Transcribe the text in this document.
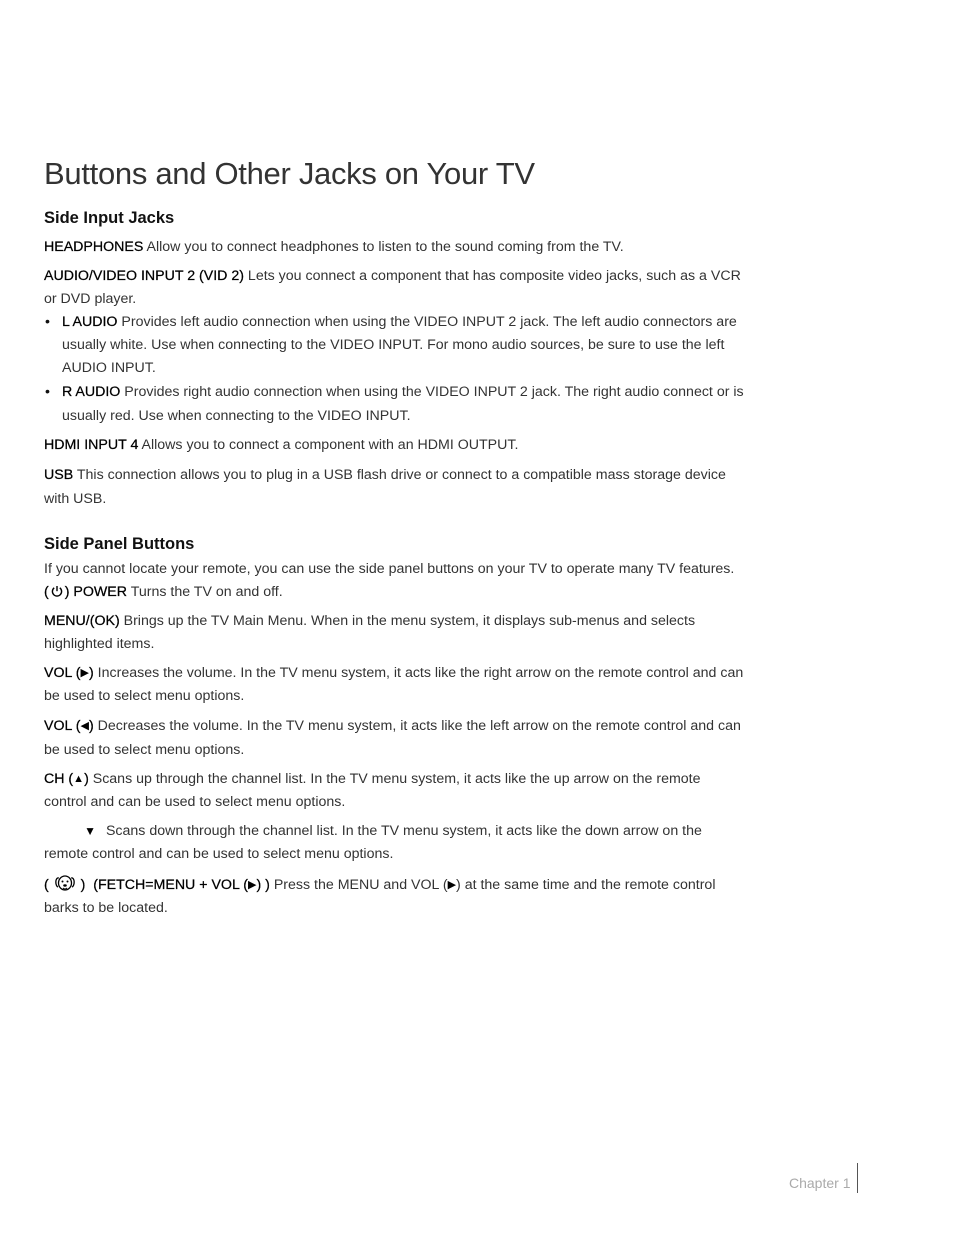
Buttons and Other Jacks on Your TV
Side Input Jacks

HEADPHONES Allow you to connect headphones to listen to the sound coming from the TV.

AUDIO/VIDEO INPUT 2 (VID 2) Lets you connect a component that has composite video jacks, such as a VCR or DVD player.

• L AUDIO Provides left audio connection when using the VIDEO INPUT 2 jack. The left audio connectors are usually white. Use when connecting to the VIDEO INPUT. For mono audio sources, be sure to use the left AUDIO INPUT.
• R AUDIO Provides right audio connection when using the VIDEO INPUT 2 jack. The right audio connect or is usually red. Use when connecting to the VIDEO INPUT.

HDMI INPUT 4 Allows you to connect a component with an HDMI OUTPUT.

USB This connection allows you to plug in a USB flash drive or connect to a compatible mass storage device with USB.

Side Panel Buttons

If you cannot locate your remote, you can use the side panel buttons on your TV to operate many TV features.

( ) POWER Turns the TV on and off.

MENU/(OK) Brings up the TV Main Menu. When in the menu system, it displays sub-menus and selects highlighted items.

VOL (▶) Increases the volume. In the TV menu system, it acts like the right arrow on the remote control and can be used to select menu options.

VOL (◀) Decreases the volume. In the TV menu system, it acts like the left arrow on the remote control and can be used to select menu options.

CH (▲) Scans up through the channel list. In the TV menu system, it acts like the up arrow on the remote control and can be used to select menu options.

▼ Scans down through the channel list. In the TV menu system, it acts like the down arrow on the remote control and can be used to select menu options.

(  )  (FETCH=MENU + VOL (▶) ) Press the MENU and VOL (▶) at the same time and the remote control barks to be located.

Chapter 1
